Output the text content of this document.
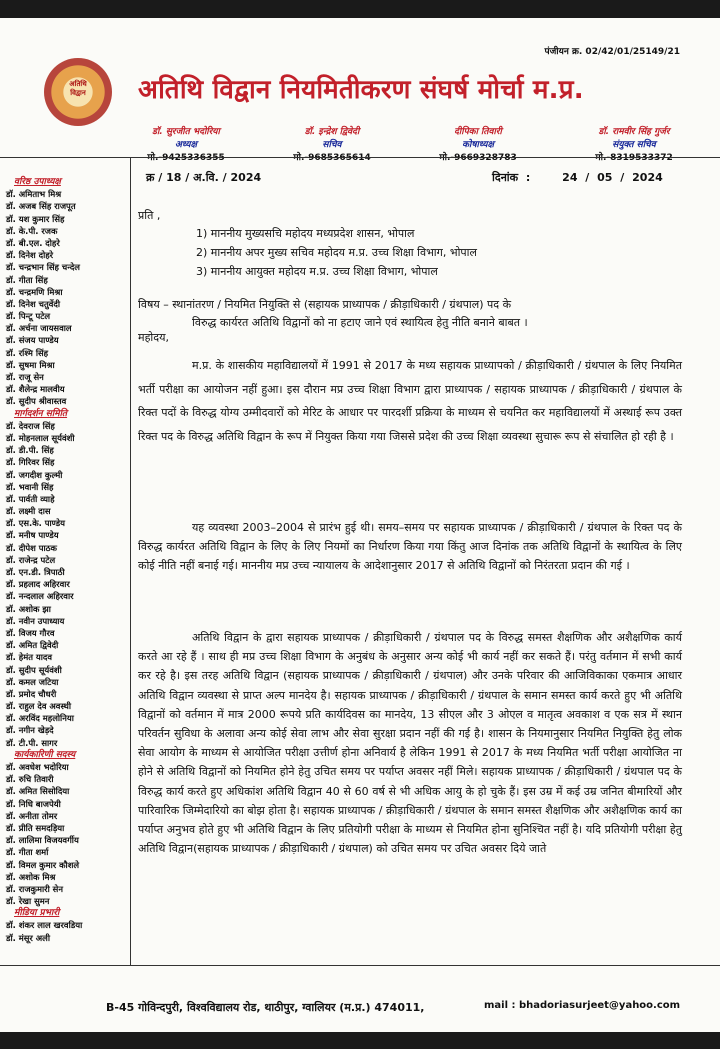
पंजीयन क्र. 02/42/01/25149/21
अतिथि विद्वान अतिथि विद्वान नियमितीकरण संघर्ष मोर्चा म.प्र.
डॉ. सुरजीत भदोरिया
अध्यक्ष
मो.-9425336355
डॉ. इन्द्रेश द्विवेदी
सचिव
मो.-9685365614
दीपिका तिवारी
कोषाध्यक्ष
मो.-9669328783
डॉ. रामवीर सिंह गुर्जर
संयुक्त सचिव
मो.-8319533372
वरिष्ठ उपाध्यक्ष
डॉ. अमिताभ मिश्र
डॉ. अजब सिंह राजपूत
डॉ. यश कुमार सिंह
डॉ. के.पी. रजक
डॉ. बी.एल. दोहरे
डॉ. दिनेश दोहरे
डॉ. चन्द्रभान सिंह चन्देल
डॉ. गीता सिंह
डॉ. चन्द्रमणि मिश्रा
डॉ. दिनेश चतुर्वेदी
डॉ. पिन्टू पटेल
डॉ. अर्चना जायसवाल
डॉ. संजय पाण्डेय
डॉ. रश्मि सिंह
डॉ. सुषमा मिश्रा
डॉ. राजू सेन
डॉ. शैलेन्द्र मालवीय
डॉ. सुदीप श्रीवास्तव
मार्गदर्शन समिति
डॉ. देवराज सिंह
डॉ. मोहनलाल सूर्यवंशी
डॉ. डी.पी. सिंह
डॉ. गिरिवर सिंह
डॉ. जगदीश कुल्मी
डॉ. भवानी सिंह
डॉ. पार्वती व्याहे
डॉ. लक्ष्मी दास
डॉ. एस.के. पाण्डेय
डॉ. मनीष पाण्डेय
डॉ. दीपेश पाठक
डॉ. राजेन्द्र पटेल
डॉ. एन.डी. त्रिपाठी
डॉ. प्रहलाद अहिरवार
डॉ. नन्दलाल अहिरवार
डॉ. अशोक झा
डॉ. नवीन उपाध्याय
डॉ. विजय गौरव
डॉ. अमित द्विवेदी
डॉ. हेमंत यादव
डॉ. सुदीप सूर्यवंशी
डॉ. कमल जटिया
डॉ. प्रमोद चौधरी
डॉ. राहुल देव अवस्थी
डॉ. अरविंद महलोनिया
डॉ. नगीन खेड़दे
डॉ. टी.पी. सागर
कार्यकारिणी सदस्य
डॉ. अवधेश भदोरिया
डॉ. रुचि तिवारी
डॉ. अमित सिसोदिया
डॉ. निधि बाजपेयी
डॉ. अनीता तोमर
डॉ. प्रीति समदड़िया
डॉ. लालिमा विजयवर्गीय
डॉ. गीता शर्मा
डॉ. विमल कुमार कौशले
डॉ. अशोक मिश्र
डॉ. राजकुमारी सेन
डॉ. रेखा सुमन
मीडिया प्रभारी
डॉ. शंकर लाल खरवडिया
डॉ. मंसूर अली
क्र / 18 / अ.वि. / 2024	दिनांक :	24 / 05 / 2024
प्रति ,
1) माननीय मुख्यसचि महोदय मध्यप्रदेश शासन, भोपाल
2) माननीय अपर मुख्य सचिव महोदय म.प्र. उच्च शिक्षा विभाग, भोपाल
3) माननीय आयुक्त महोदय म.प्र. उच्च शिक्षा विभाग, भोपाल
विषय – स्थानांतरण / नियमित नियुक्ति से (सहायक प्राध्यापक / क्रीड़ाधिकारी / ग्रंथपाल) पद के
विरुद्ध कार्यरत अतिथि विद्वानों को ना हटाए जाने एवं स्थायित्व हेतु नीति बनाने बाबत ।
महोदय,
म.प्र. के शासकीय महाविद्यालयों में 1991 से 2017 के मध्य सहायक प्राध्यापको / क्रीड़ाधिकारी / ग्रंथपाल के लिए नियमित भर्ती परीक्षा का आयोजन नहीं हुआ। इस दौरान मप्र उच्च शिक्षा विभाग द्वारा प्राध्यापक / सहायक प्राध्यापक / क्रीड़ाधिकारी / ग्रंथपाल के रिक्त पदों के विरुद्ध योग्य उम्मीदवारों को मेरिट के आधार पर पारदर्शी प्रक्रिया के माध्यम से चयनित कर महाविद्यालयों में अस्थाई रूप उक्त रिक्त पद के विरुद्ध अतिथि विद्वान के रूप में नियुक्त किया गया जिससे प्रदेश की उच्च शिक्षा व्यवस्था सुचारू रूप से संचालित हो रही है ।
यह व्यवस्था 2003–2004 से प्रारंभ हुई थी। समय–समय पर सहायक प्राध्यापक / क्रीड़ाधिकारी / ग्रंथपाल के रिक्त पद के विरुद्ध कार्यरत अतिथि विद्वान के लिए के लिए नियमों का निर्धारण किया गया किंतु आज दिनांक तक अतिथि विद्वानों के स्थायित्व के लिए कोई नीति नहीं बनाई गई। माननीय मप्र उच्च न्यायालय के आदेशानुसार 2017 से अतिथि विद्वानों को निरंतरता प्रदान की गई ।
अतिथि विद्वान के द्वारा सहायक प्राध्यापक / क्रीड़ाधिकारी / ग्रंथपाल पद के विरुद्ध समस्त शैक्षणिक और अशैक्षणिक कार्य करते आ रहे हैं । साथ ही मप्र उच्च शिक्षा विभाग के अनुबंध के अनुसार अन्य कोई भी कार्य नहीं कर सकते हैं। परंतु वर्तमान में सभी कार्य कर रहे है। इस तरह अतिथि विद्वान (सहायक प्राध्यापक / क्रीड़ाधिकारी / ग्रंथपाल) और उनके परिवार की आजिविकाका एकमात्र आधार अतिथि विद्वान व्यवस्था से प्राप्त अल्प मानदेय है। सहायक प्राध्यापक / क्रीड़ाधिकारी / ग्रंथपाल के समान समस्त कार्य करते हुए भी अतिथि विद्वानों को वर्तमान में मात्र 2000 रूपये प्रति कार्यदिवस का मानदेय, 13 सीएल और 3 ओएल व मातृत्व अवकाश व एक सत्र में स्थान परिवर्तन सुविधा के अलावा अन्य कोई सेवा लाभ और सेवा सुरक्षा प्रदान नहीं की गई है। शासन के नियमानुसार नियमित नियुक्ति हेतु लोक सेवा आयोग के माध्यम से आयोजित परीक्षा उत्तीर्ण होना अनिवार्य है लेकिन 1991 से 2017 के मध्य नियमित भर्ती परीक्षा आयोजित ना होने से अतिथि विद्वानों को नियमित होने हेतु उचित समय पर पर्याप्त अवसर नहीं मिले। सहायक प्राध्यापक / क्रीड़ाधिकारी / ग्रंथपाल पद के विरुद्ध कार्य करते हुए अधिकांश अतिथि विद्वान 40 से 60 वर्ष से भी अधिक आयु के हो चुके हैं। इस उम्र में कई उम्र जनित बीमारियों और पारिवारिक जिम्मेदारियो का बोझ होता है। सहायक प्राध्यापक / क्रीड़ाधिकारी / ग्रंथपाल के समान समस्त शैक्षणिक और अशैक्षणिक कार्य का पर्याप्त अनुभव होते हुए भी अतिथि विद्वान के लिए प्रतियोगी परीक्षा के माध्यम से नियमित होना सुनिश्चित नहीं है। यदि प्रतियोगी परीक्षा हेतु अतिथि विद्वान(सहायक प्राध्यापक / क्रीड़ाधिकारी / ग्रंथपाल) को उचित समय पर उचित अवसर दिये जाते
B-45 गोविन्दपुरी, विश्वविद्यालय रोड, थाठीपुर, ग्वालियर (म.प्र.) 474011,	mail : bhadoriasurjeet@yahoo.com
